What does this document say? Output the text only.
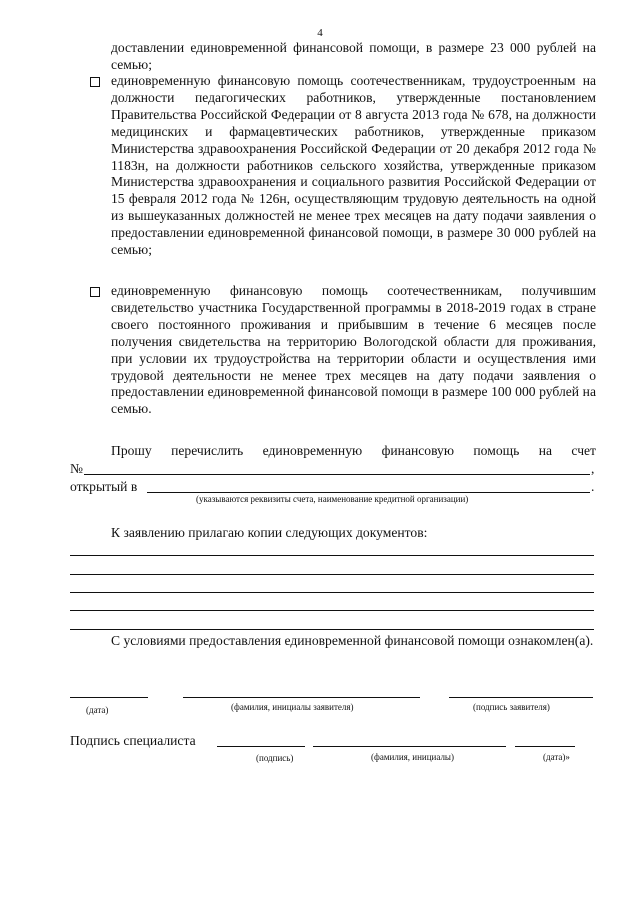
4
доставлении единовременной финансовой помощи, в размере 23 000 рублей на семью;
единовременную финансовую помощь соотечественникам, трудоустроенным на должности педагогических работников, утвержденные постановлением Правительства Российской Федерации от 8 августа 2013 года № 678, на должности медицинских и фармацевтических работников, утвержденные приказом Министерства здравоохранения Российской Федерации от 20 декабря 2012 года № 1183н, на должности работников сельского хозяйства, утвержденные приказом Министерства здравоохранения и социального развития Российской Федерации от 15 февраля 2012 года № 126н, осуществляющим трудовую деятельность на одной из вышеуказанных должностей не менее трех месяцев на дату подачи заявления о предоставлении единовременной финансовой помощи, в размере 30 000 рублей на семью;
единовременную финансовую помощь соотечественникам, получившим свидетельство участника Государственной программы в 2018-2019 годах в стране своего постоянного проживания и прибывшим в течение 6 месяцев после получения свидетельства на территорию Вологодской области для проживания, при условии их трудоустройства на территории области и осуществления ими трудовой деятельности не менее трех месяцев на дату подачи заявления о предоставлении единовременной финансовой помощи в размере 100 000 рублей на семью.
Прошу перечислить единовременную финансовую помощь на счет
№	,
открытый в	.
(указываются реквизиты счета, наименование кредитной организации)
К заявлению прилагаю копии следующих документов:
С условиями предоставления единовременной финансовой помощи ознакомлен(а).
(дата)	(фамилия, инициалы заявителя)	(подпись заявителя)
Подпись специалиста
(подпись)	(фамилия, инициалы)	(дата)»
